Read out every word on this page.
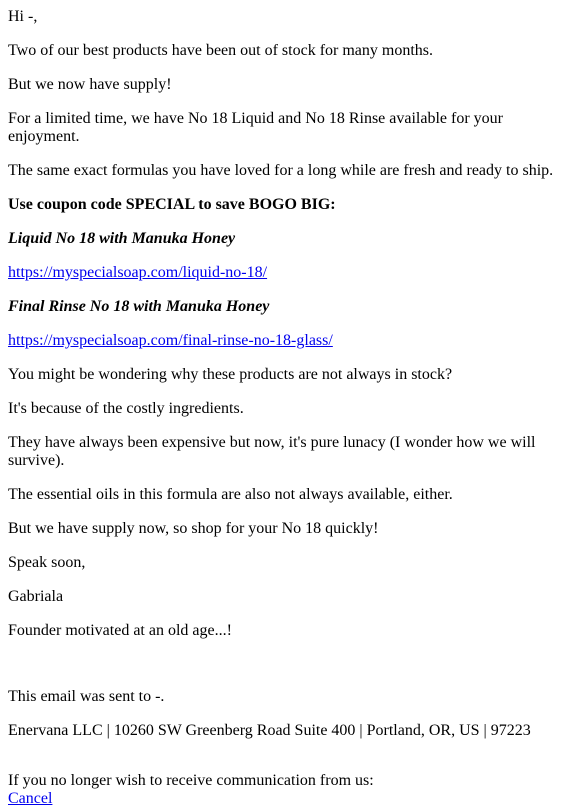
Hi -,

Two of our best products have been out of stock for many months.

But we now have supply!

For a limited time, we have No 18 Liquid and No 18 Rinse available for your enjoyment.

The same exact formulas you have loved for a long while are fresh and ready to ship.

Use coupon code SPECIAL to save BOGO BIG:

Liquid No 18 with Manuka Honey

https://myspecialsoap.com/liquid-no-18/

Final Rinse No 18 with Manuka Honey

https://myspecialsoap.com/final-rinse-no-18-glass/

You might be wondering why these products are not always in stock?

It's because of the costly ingredients.

They have always been expensive but now, it's pure lunacy (I wonder how we will survive).

The essential oils in this formula are also not always available, either.

But we have supply now, so shop for your No 18 quickly!

Speak soon,

Gabriala

Founder motivated at an old age...!

This email was sent to -.

Enervana LLC | 10260 SW Greenberg Road Suite 400 | Portland, OR, US | 97223

If you no longer wish to receive communication from us:

Cancel
